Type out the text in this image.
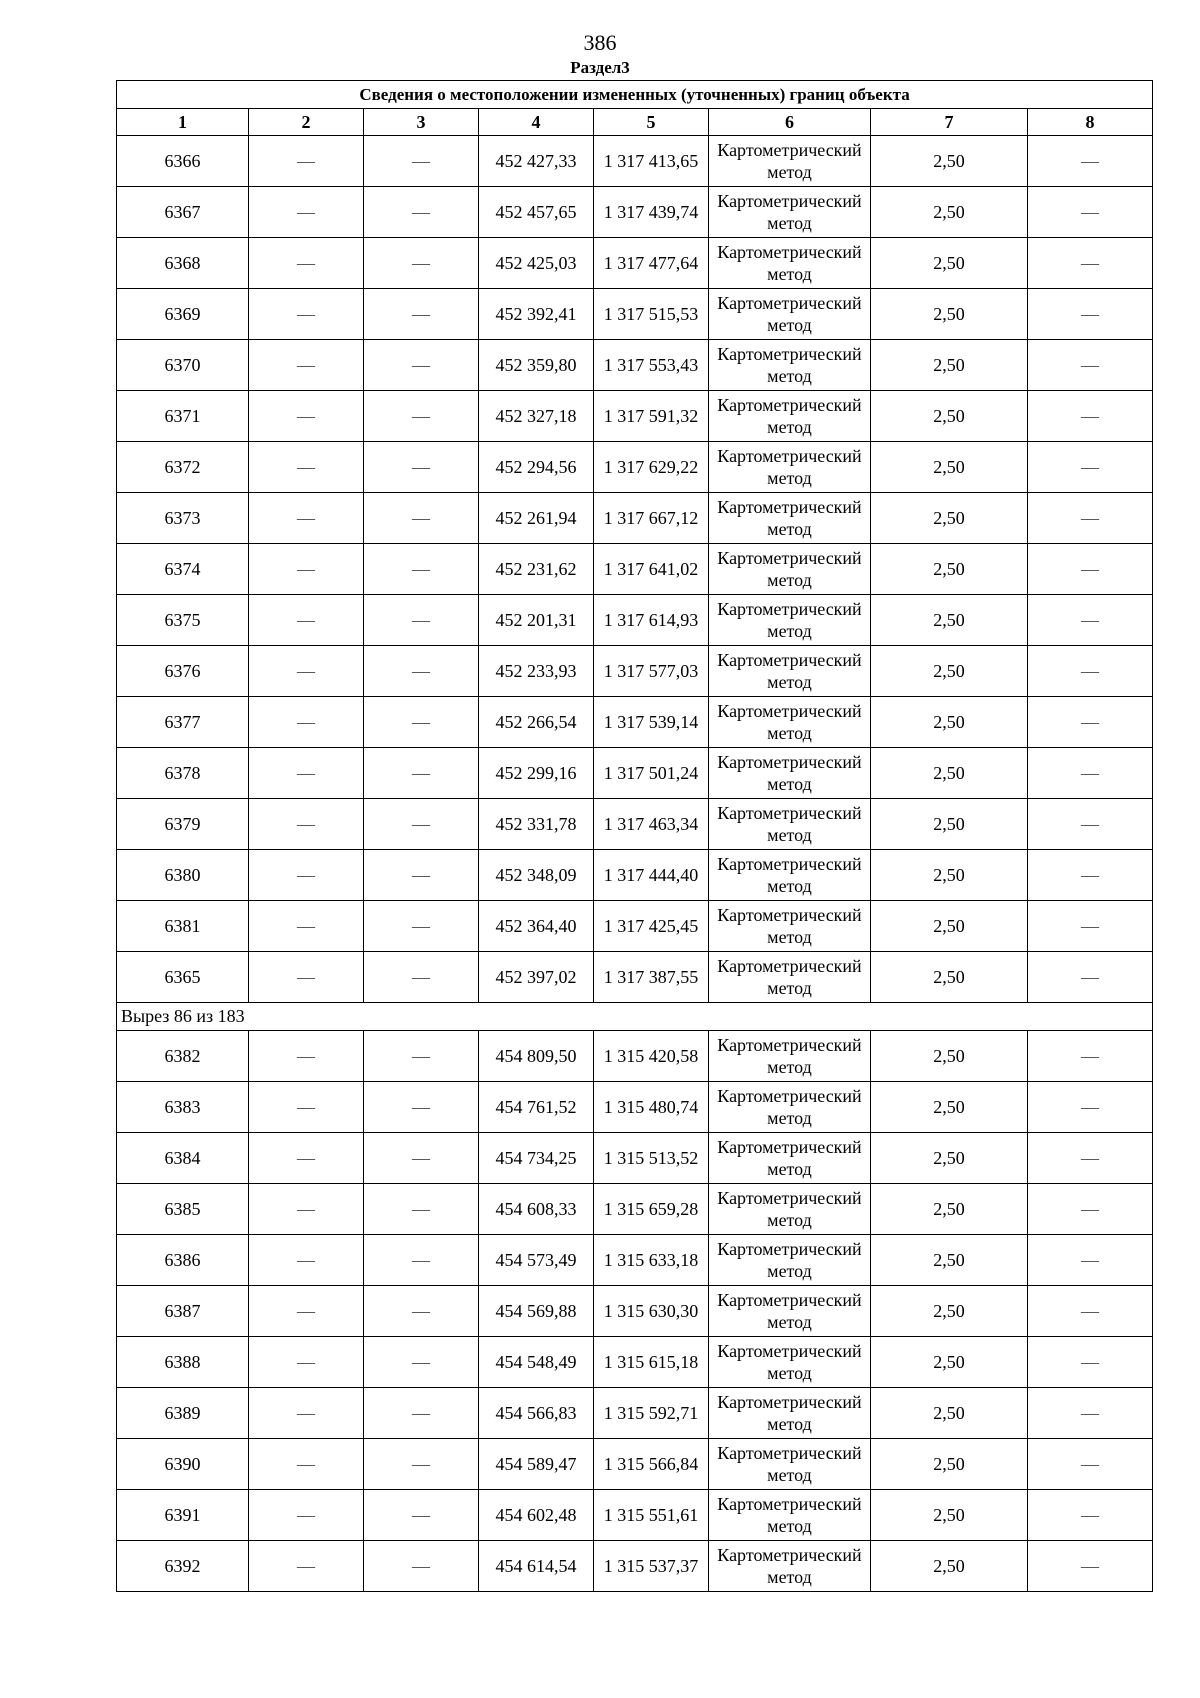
386
Раздел3
Сведения о местоположении измененных (уточненных) границ объекта							
1	2	3	4	5	6	7	8
6366	—	—	452 427,33	1 317 413,65	Картометрический метод	2,50	—
6367	—	—	452 457,65	1 317 439,74	Картометрический метод	2,50	—
6368	—	—	452 425,03	1 317 477,64	Картометрический метод	2,50	—
6369	—	—	452 392,41	1 317 515,53	Картометрический метод	2,50	—
6370	—	—	452 359,80	1 317 553,43	Картометрический метод	2,50	—
6371	—	—	452 327,18	1 317 591,32	Картометрический метод	2,50	—
6372	—	—	452 294,56	1 317 629,22	Картометрический метод	2,50	—
6373	—	—	452 261,94	1 317 667,12	Картометрический метод	2,50	—
6374	—	—	452 231,62	1 317 641,02	Картометрический метод	2,50	—
6375	—	—	452 201,31	1 317 614,93	Картометрический метод	2,50	—
6376	—	—	452 233,93	1 317 577,03	Картометрический метод	2,50	—
6377	—	—	452 266,54	1 317 539,14	Картометрический метод	2,50	—
6378	—	—	452 299,16	1 317 501,24	Картометрический метод	2,50	—
6379	—	—	452 331,78	1 317 463,34	Картометрический метод	2,50	—
6380	—	—	452 348,09	1 317 444,40	Картометрический метод	2,50	—
6381	—	—	452 364,40	1 317 425,45	Картометрический метод	2,50	—
6365	—	—	452 397,02	1 317 387,55	Картометрический метод	2,50	—
Вырез 86 из 183							
6382	—	—	454 809,50	1 315 420,58	Картометрический метод	2,50	—
6383	—	—	454 761,52	1 315 480,74	Картометрический метод	2,50	—
6384	—	—	454 734,25	1 315 513,52	Картометрический метод	2,50	—
6385	—	—	454 608,33	1 315 659,28	Картометрический метод	2,50	—
6386	—	—	454 573,49	1 315 633,18	Картометрический метод	2,50	—
6387	—	—	454 569,88	1 315 630,30	Картометрический метод	2,50	—
6388	—	—	454 548,49	1 315 615,18	Картометрический метод	2,50	—
6389	—	—	454 566,83	1 315 592,71	Картометрический метод	2,50	—
6390	—	—	454 589,47	1 315 566,84	Картометрический метод	2,50	—
6391	—	—	454 602,48	1 315 551,61	Картометрический метод	2,50	—
6392	—	—	454 614,54	1 315 537,37	Картометрический метод	2,50	—
